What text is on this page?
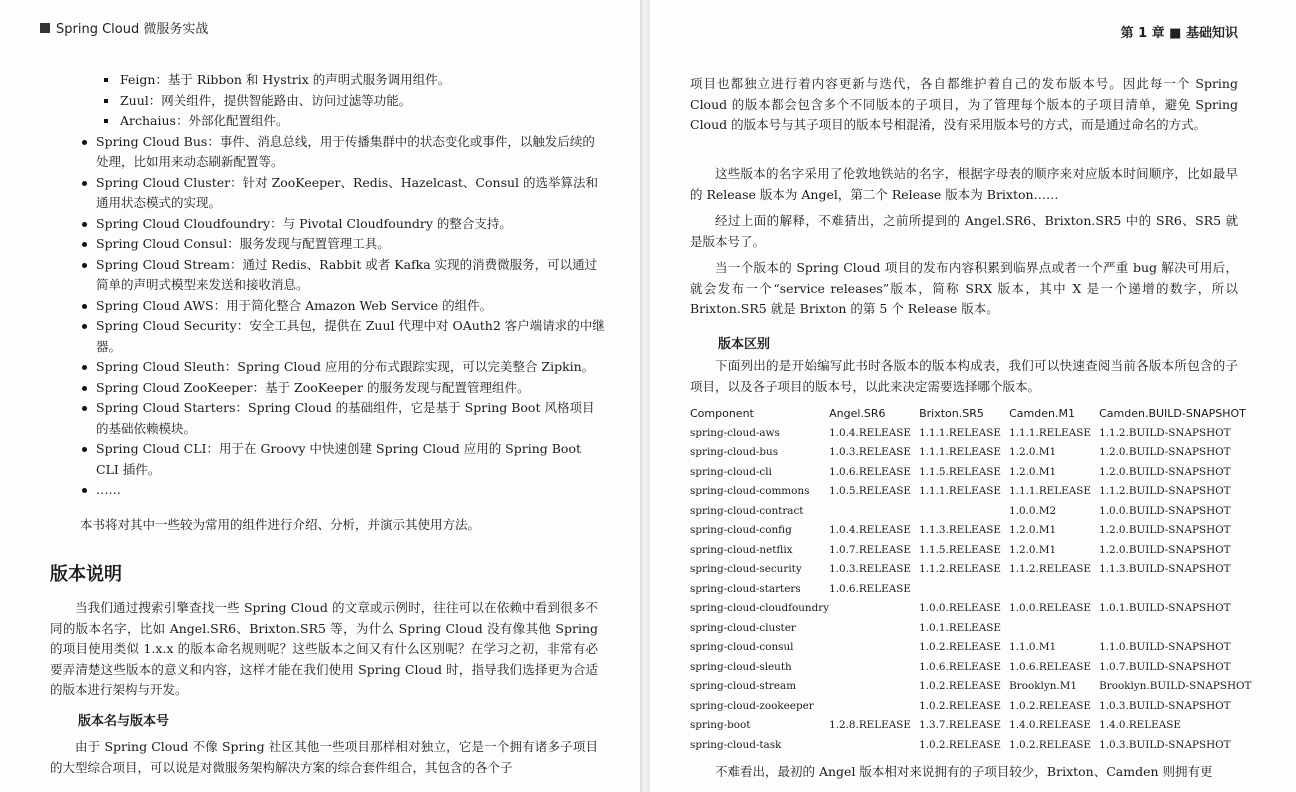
Spring Cloud 微服务实战
Feign：基于 Ribbon 和 Hystrix 的声明式服务调用组件。
Zuul：网关组件，提供智能路由、访问过滤等功能。
Archaius：外部化配置组件。
Spring Cloud Bus：事件、消息总线，用于传播集群中的状态变化或事件，以触发后续的处理，比如用来动态刷新配置等。
Spring Cloud Cluster：针对 ZooKeeper、Redis、Hazelcast、Consul 的选举算法和通用状态模式的实现。
Spring Cloud Cloudfoundry：与 Pivotal Cloudfoundry 的整合支持。
Spring Cloud Consul：服务发现与配置管理工具。
Spring Cloud Stream：通过 Redis、Rabbit 或者 Kafka 实现的消费微服务，可以通过简单的声明式模型来发送和接收消息。
Spring Cloud AWS：用于简化整合 Amazon Web Service 的组件。
Spring Cloud Security：安全工具包，提供在 Zuul 代理中对 OAuth2 客户端请求的中继器。
Spring Cloud Sleuth：Spring Cloud 应用的分布式跟踪实现，可以完美整合 Zipkin。
Spring Cloud ZooKeeper：基于 ZooKeeper 的服务发现与配置管理组件。
Spring Cloud Starters：Spring Cloud 的基础组件，它是基于 Spring Boot 风格项目的基础依赖模块。
Spring Cloud CLI：用于在 Groovy 中快速创建 Spring Cloud 应用的 Spring Boot CLI 插件。
……

本书将对其中一些较为常用的组件进行介绍、分析，并演示其使用方法。

版本说明

当我们通过搜索引擎查找一些 Spring Cloud 的文章或示例时，往往可以在依赖中看到很多不同的版本名字，比如 Angel.SR6、Brixton.SR5 等，为什么 Spring Cloud 没有像其他 Spring 的项目使用类似 1.x.x 的版本命名规则呢？这些版本之间又有什么区别呢？在学习之初，非常有必要弄清楚这些版本的意义和内容，这样才能在我们使用 Spring Cloud 时，指导我们选择更为合适的版本进行架构与开发。

版本名与版本号

由于 Spring Cloud 不像 Spring 社区其他一些项目那样相对独立，它是一个拥有诸多子项目的大型综合项目，可以说是对微服务架构解决方案的综合套件组合，其包含的各个子

第 1 章 ■ 基础知识

项目也都独立进行着内容更新与迭代，各自都维护着自己的发布版本号。因此每一个 Spring Cloud 的版本都会包含多个不同版本的子项目，为了管理每个版本的子项目清单，避免 Spring Cloud 的版本号与其子项目的版本号相混淆，没有采用版本号的方式，而是通过命名的方式。

这些版本的名字采用了伦敦地铁站的名字，根据字母表的顺序来对应版本时间顺序，比如最早的 Release 版本为 Angel，第二个 Release 版本为 Brixton……

经过上面的解释，不难猜出，之前所提到的 Angel.SR6、Brixton.SR5 中的 SR6、SR5 就是版本号了。

当一个版本的 Spring Cloud 项目的发布内容积累到临界点或者一个严重 bug 解决可用后，就会发布一个“service releases”版本，简称 SRX 版本，其中 X 是一个递增的数字，所以 Brixton.SR5 就是 Brixton 的第 5 个 Release 版本。

版本区别

下面列出的是开始编写此书时各版本的版本构成表，我们可以快速查阅当前各版本所包含的子项目，以及各子项目的版本号，以此来决定需要选择哪个版本。

Component	Angel.SR6	Brixton.SR5	Camden.M1	Camden.BUILD-SNAPSHOT
spring-cloud-aws	1.0.4.RELEASE	1.1.1.RELEASE	1.1.1.RELEASE	1.1.2.BUILD-SNAPSHOT
spring-cloud-bus	1.0.3.RELEASE	1.1.1.RELEASE	1.2.0.M1	1.2.0.BUILD-SNAPSHOT
spring-cloud-cli	1.0.6.RELEASE	1.1.5.RELEASE	1.2.0.M1	1.2.0.BUILD-SNAPSHOT
spring-cloud-commons	1.0.5.RELEASE	1.1.1.RELEASE	1.1.1.RELEASE	1.1.2.BUILD-SNAPSHOT
spring-cloud-contract			1.0.0.M2	1.0.0.BUILD-SNAPSHOT
spring-cloud-config	1.0.4.RELEASE	1.1.3.RELEASE	1.2.0.M1	1.2.0.BUILD-SNAPSHOT
spring-cloud-netflix	1.0.7.RELEASE	1.1.5.RELEASE	1.2.0.M1	1.2.0.BUILD-SNAPSHOT
spring-cloud-security	1.0.3.RELEASE	1.1.2.RELEASE	1.1.2.RELEASE	1.1.3.BUILD-SNAPSHOT
spring-cloud-starters	1.0.6.RELEASE			
spring-cloud-cloudfoundry		1.0.0.RELEASE	1.0.0.RELEASE	1.0.1.BUILD-SNAPSHOT
spring-cloud-cluster		1.0.1.RELEASE		
spring-cloud-consul		1.0.2.RELEASE	1.1.0.M1	1.1.0.BUILD-SNAPSHOT
spring-cloud-sleuth		1.0.6.RELEASE	1.0.6.RELEASE	1.0.7.BUILD-SNAPSHOT
spring-cloud-stream		1.0.2.RELEASE	Brooklyn.M1	Brooklyn.BUILD-SNAPSHOT
spring-cloud-zookeeper		1.0.2.RELEASE	1.0.2.RELEASE	1.0.3.BUILD-SNAPSHOT
spring-boot	1.2.8.RELEASE	1.3.7.RELEASE	1.4.0.RELEASE	1.4.0.RELEASE
spring-cloud-task		1.0.2.RELEASE	1.0.2.RELEASE	1.0.3.BUILD-SNAPSHOT

不难看出，最初的 Angel 版本相对来说拥有的子项目较少，Brixton、Camden 则拥有更
